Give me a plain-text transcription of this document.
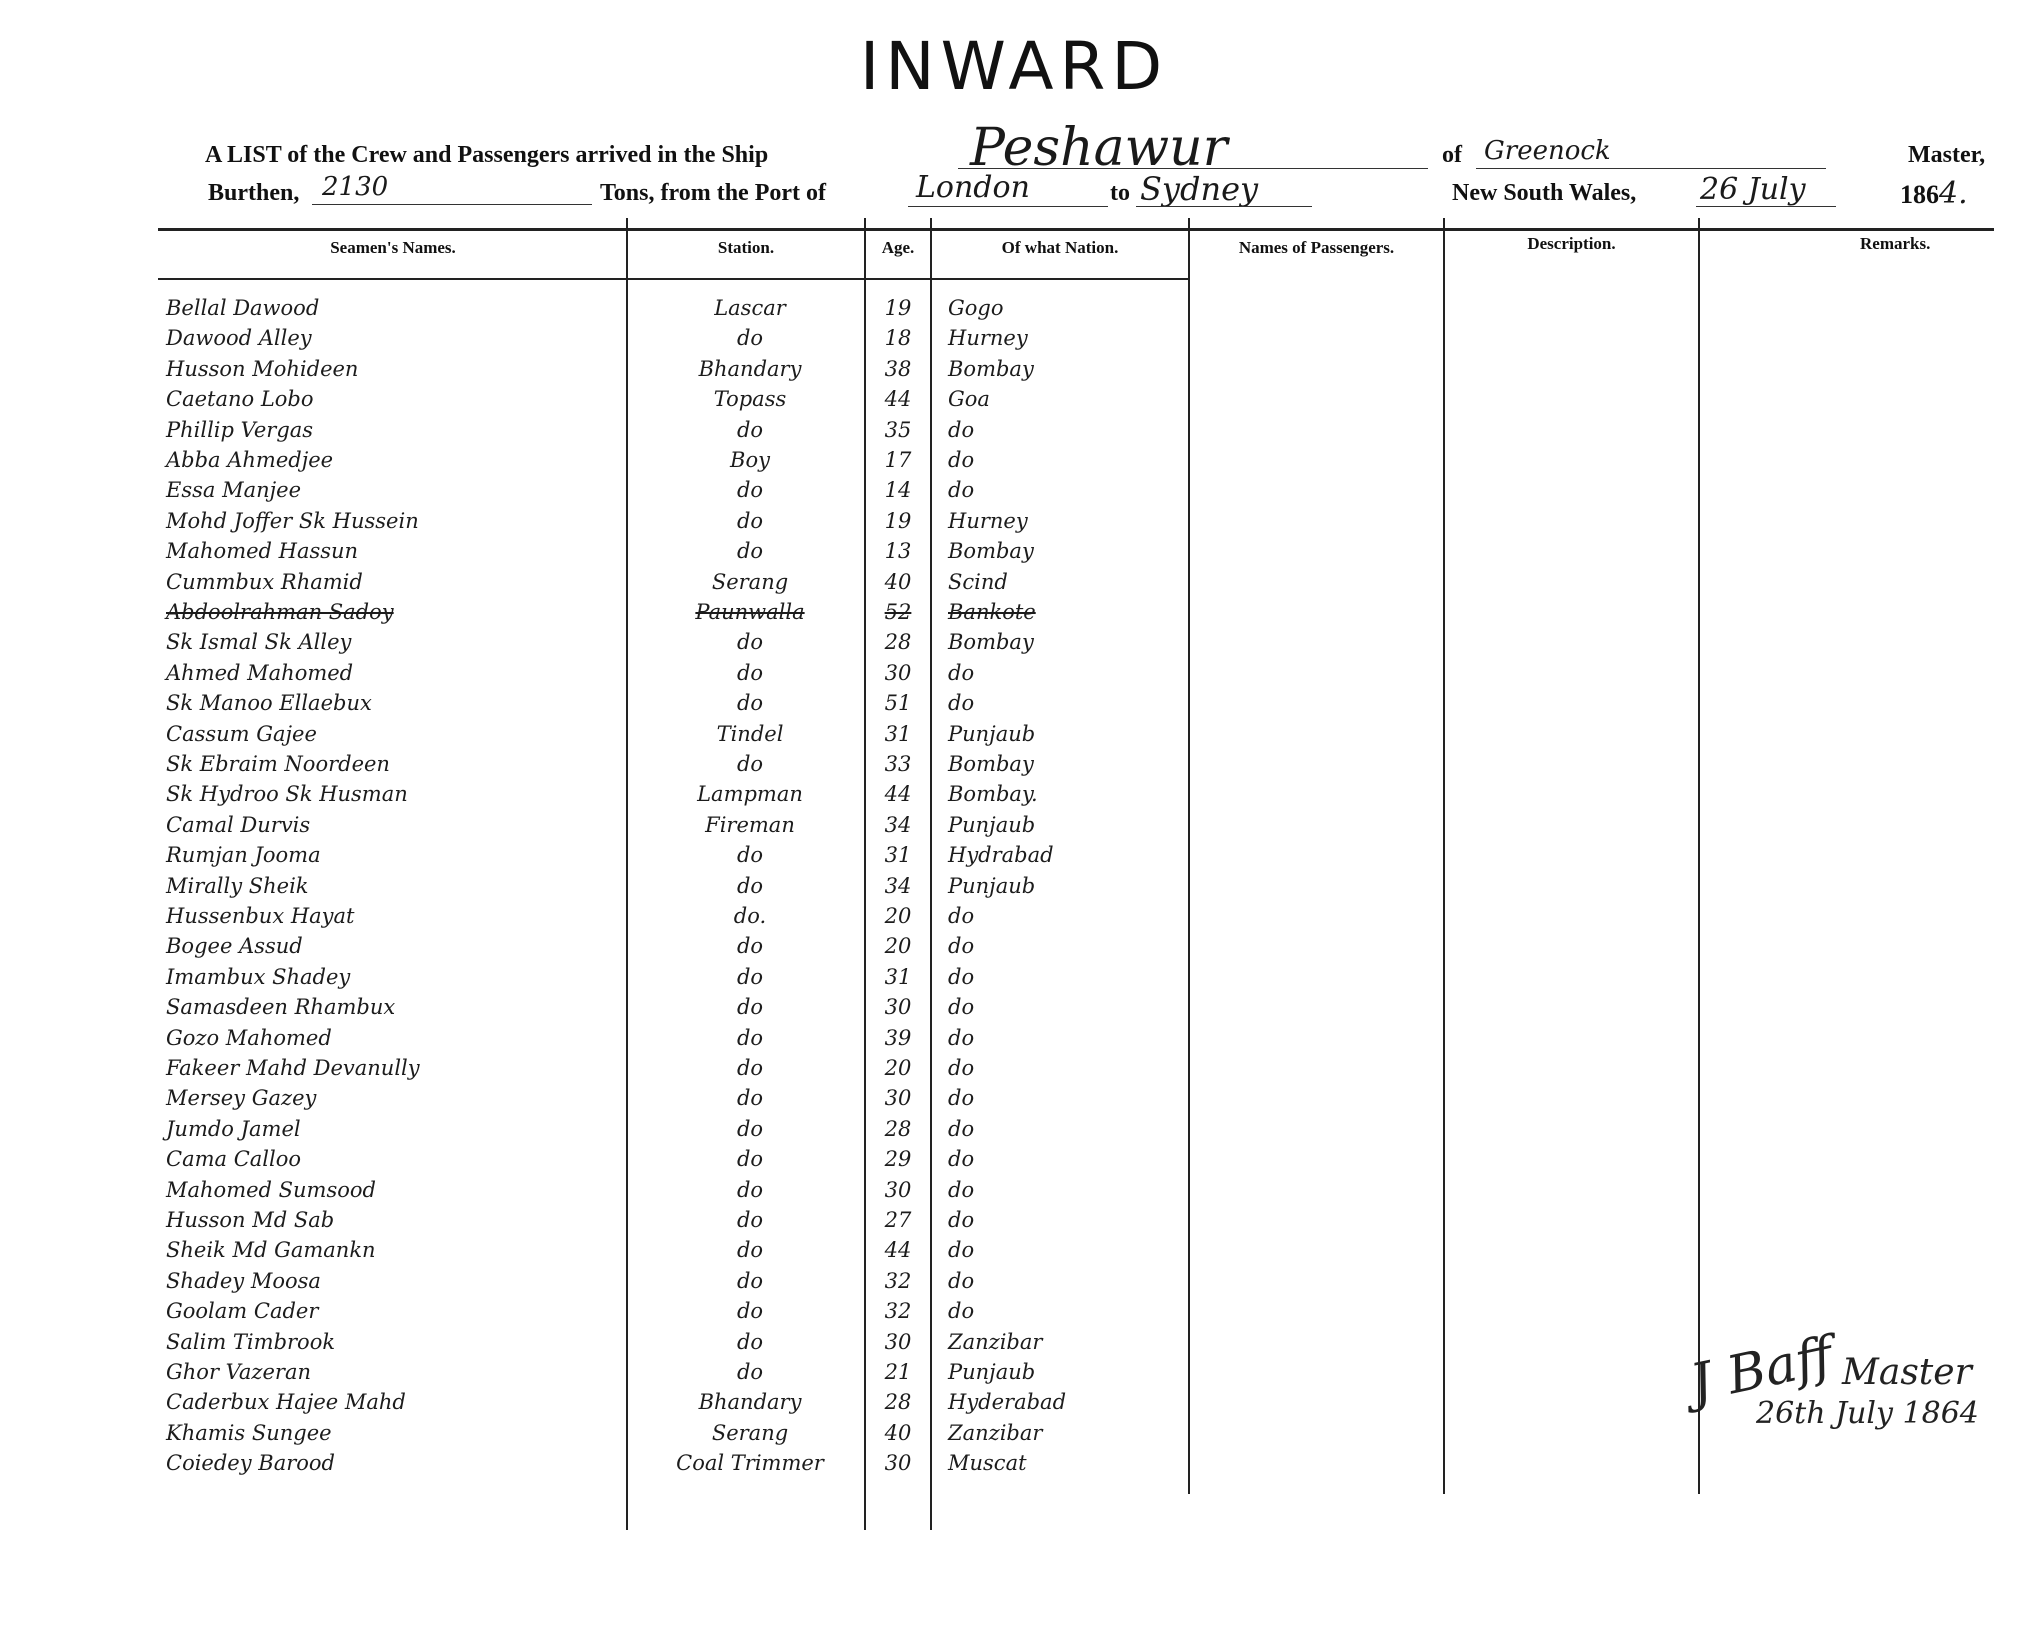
INWARD
A LIST of the Crew and Passengers arrived in the Ship	Peshawur	of Greenock	Master,
Burthen, 2130	Tons, from the Port of	London	to Sydney	New South Wales, 26 July	1864.
Seamen's Names.	Station.	Age.	Of what Nation.	Names of Passengers.	Description.	Remarks.
Bellal Dawood	Lascar	19	Gogo
Dawood Alley	do	18	Hurney
Husson Mohideen	Bhandary	38	Bombay
Caetano Lobo	Topass	44	Goa
Phillip Vergas	do	35	do
Abba Ahmedjee	Boy	17	do
Essa Manjee	do	14	do
Mohd Joffer Sk Hussein	do	19	Hurney
Mahomed Hassun	do	13	Bombay
Cummbux Rhamid	Serang	40	Scind
Abdoolrahman Sadoy	Paunwalla	52	Bankote
Sk Ismal Sk Alley	do	28	Bombay
Ahmed Mahomed	do	30	do
Sk Manoo Ellaebux	do	51	do
Cassum Gajee	Tindel	31	Punjaub
Sk Ebraim Noordeen	do	33	Bombay
Sk Hydroo Sk Husman	Lampman	44	Bombay.
Camal Durvis	Fireman	34	Punjaub
Rumjan Jooma	do	31	Hydrabad
Mirally Sheik	do	34	Punjaub
Hussenbux Hayat	do.	20	do
Bogee Assud	do	20	do
Imambux Shadey	do	31	do
Samasdeen Rhambux	do	30	do
Gozo Mahomed	do	39	do
Fakeer Mahd Devanully	do	20	do
Mersey Gazey	do	30	do
Jumdo Jamel	do	28	do
Cama Calloo	do	29	do
Mahomed Sumsood	do	30	do
Husson Md Sab	do	27	do
Sheik Md Gamankn	do	44	do
Shadey Moosa	do	32	do
Goolam Cader	do	32	do
Salim Timbrook	do	30	Zanzibar
Ghor Vazeran	do	21	Punjaub
Caderbux Hajee Mahd	Bhandary	28	Hyderabad
Khamis Sungee	Serang	40	Zanzibar
Coiedey Barood	Coal Trimmer	30	Muscat
J Baff Master
26th July 1864
